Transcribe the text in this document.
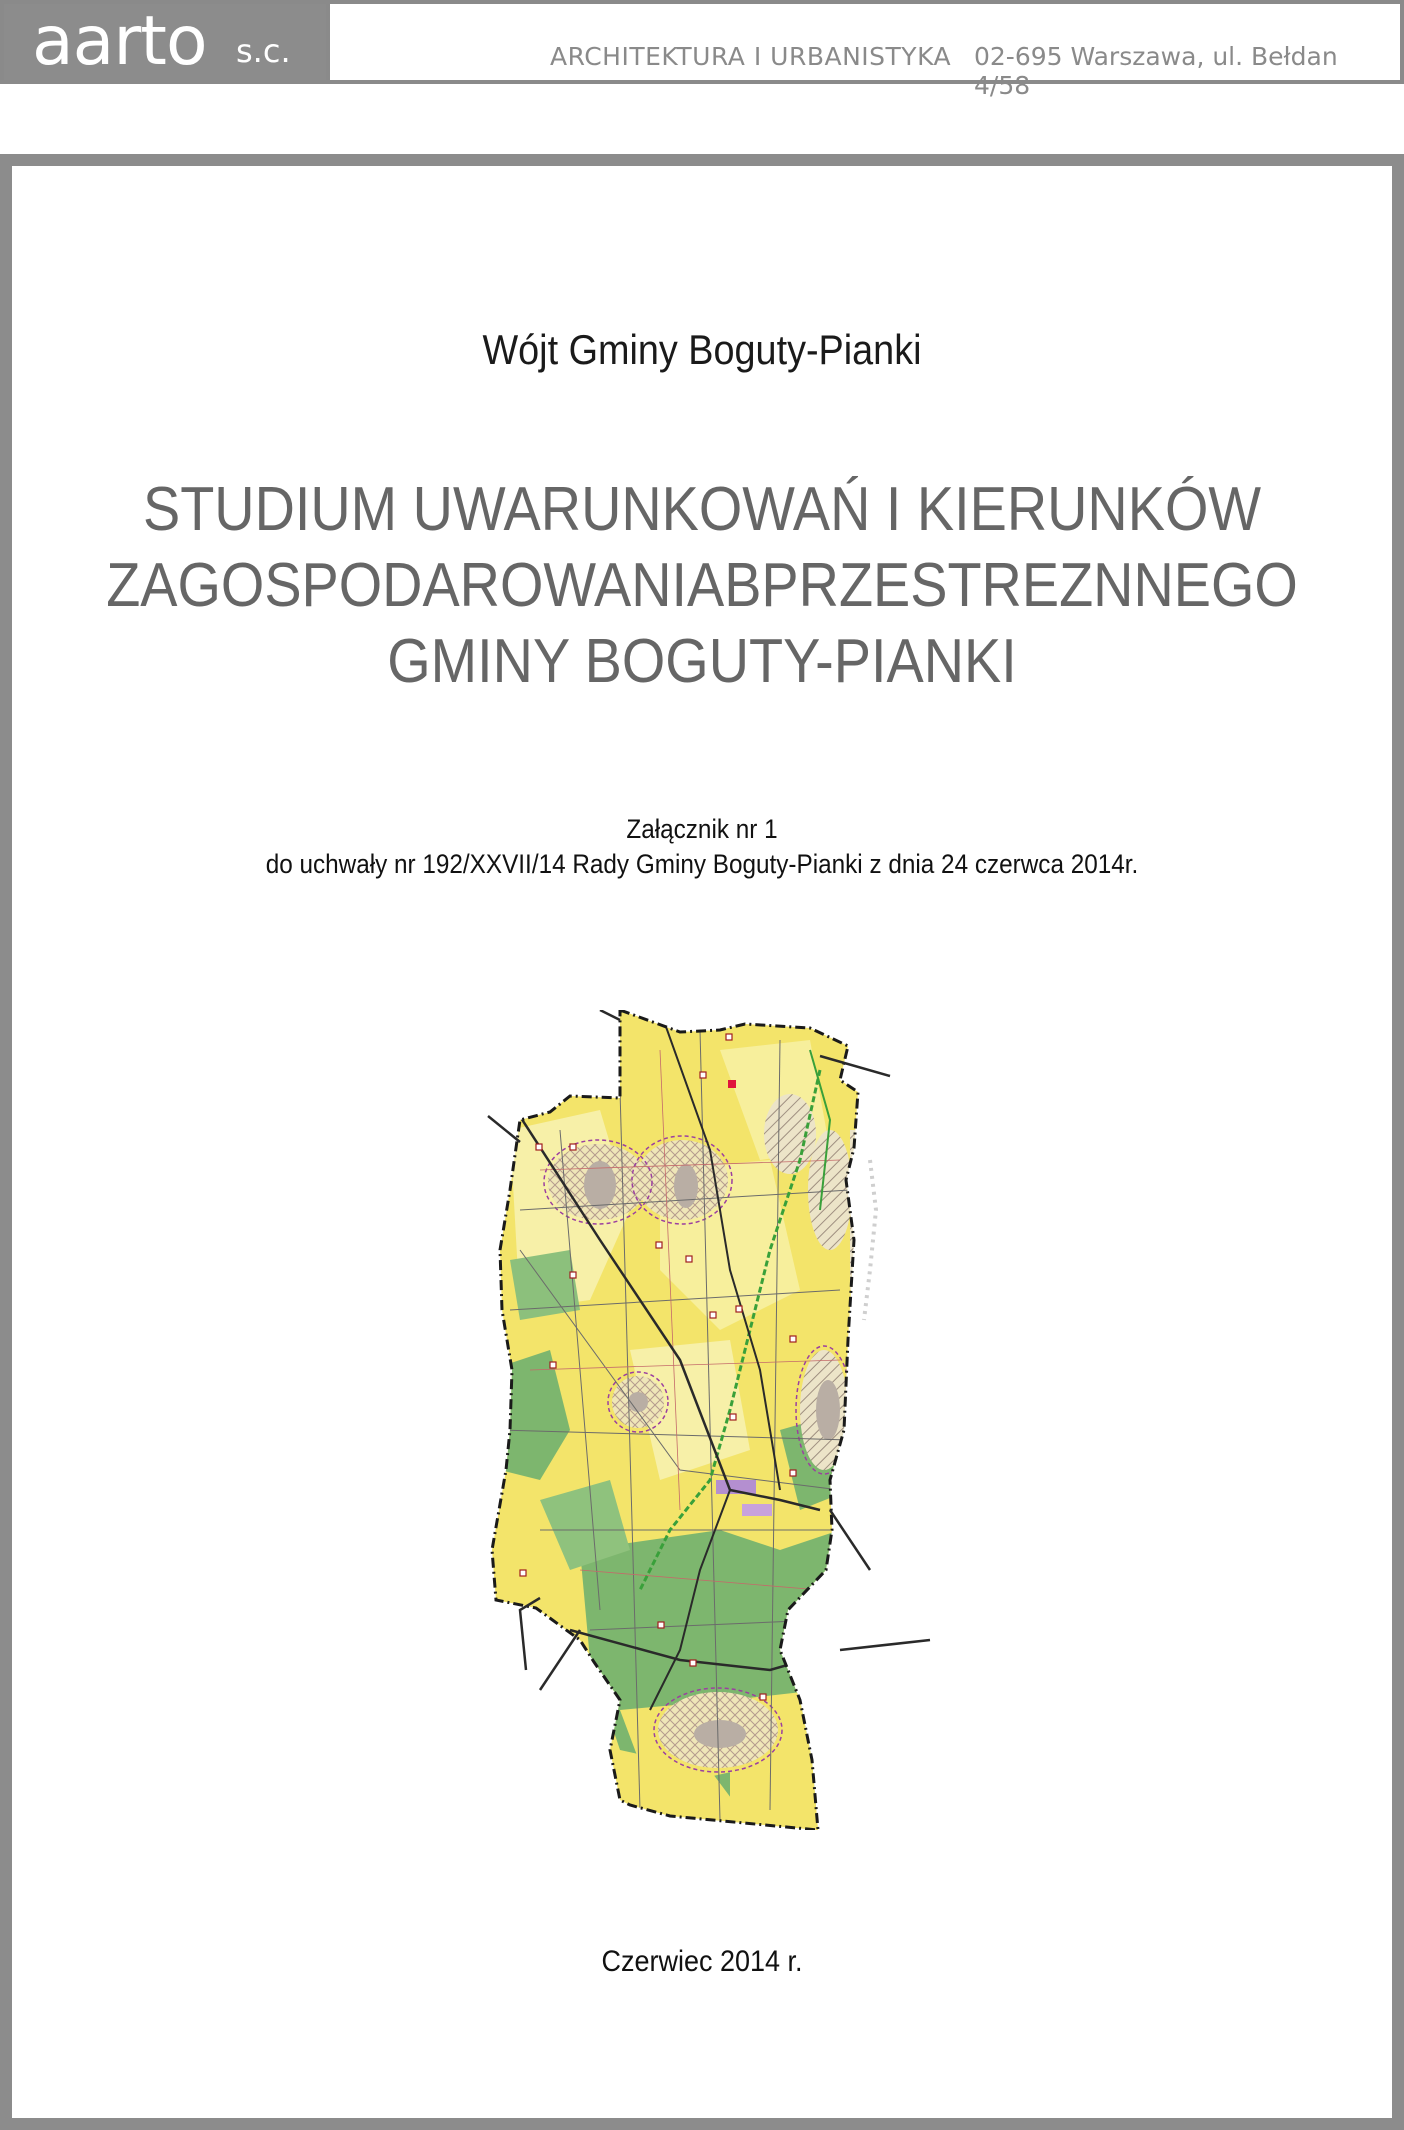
aarto s.c.	ARCHITEKTURA I URBANISTYKA 02-695 Warszawa, ul. Bełdan 4/58
Wójt Gminy Boguty-Pianki
STUDIUM UWARUNKOWAŃ I KIERUNKÓW
ZAGOSPODAROWANIABPRZESTREZNNEGO
GMINY BOGUTY-PIANKI
Załącznik nr 1
do uchwały nr 192/XXVII/14 Rady Gminy Boguty-Pianki z dnia 24 czerwca 2014r.
Czerwiec 2014 r.
